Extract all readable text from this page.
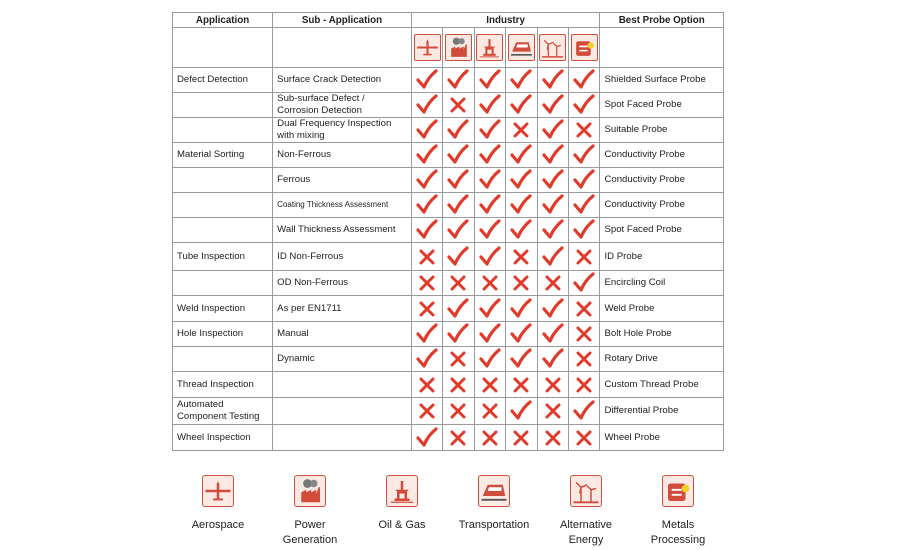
Application	Sub - Application	Industry						Best Probe Option

Defect Detection	Surface Crack Detection							Shielded Surface Probe
	Sub-surface Defect / Corrosion Detection							Spot Faced Probe
	Dual Frequency Inspection with mixing							Suitable Probe
Material Sorting	Non-Ferrous							Conductivity Probe
	Ferrous							Conductivity Probe
	Coating Thickness Assessment							Conductivity Probe
	Wall Thickness Assessment							Spot Faced Probe
Tube Inspection	ID Non-Ferrous							ID Probe
	OD Non-Ferrous							Encircling Coil
Weld Inspection	As per EN1711							Weld Probe
Hole Inspection	Manual							Bolt Hole Probe
	Dynamic							Rotary Drive
Thread Inspection								Custom Thread Probe
Automated Component Testing								Differential Probe
Wheel Inspection								Wheel Probe
Aerospace	Power
Generation
Oil & Gas	Transportation	Alternative
Energy
Metals
Processing
